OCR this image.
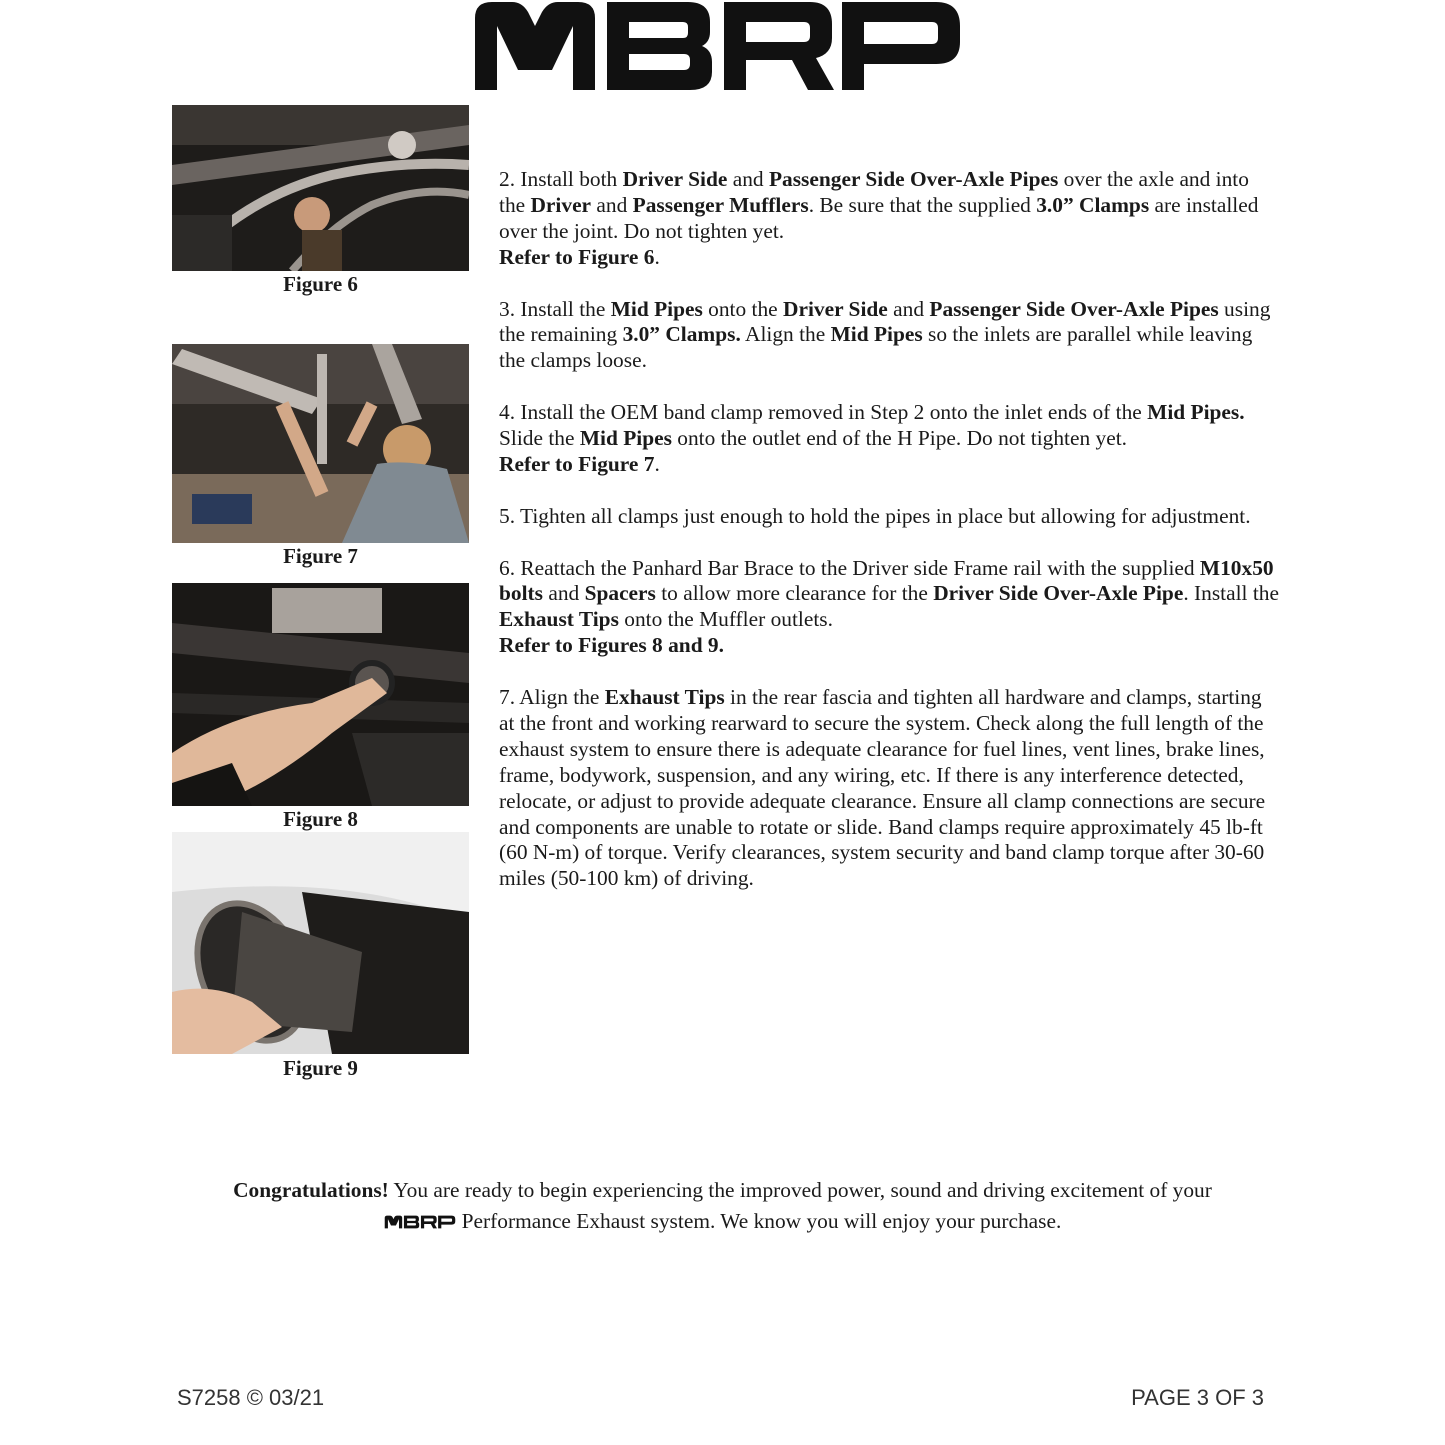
Figure 6
Figure 7
Figure 8
Figure 9

2. Install both Driver Side and Passenger Side Over-Axle Pipes over the axle and into the Driver and Passenger Mufflers. Be sure that the supplied 3.0” Clamps are installed over the joint. Do not tighten yet.
Refer to Figure 6.

3. Install the Mid Pipes onto the Driver Side and Passenger Side Over-Axle Pipes using the remaining 3.0” Clamps. Align the Mid Pipes so the inlets are parallel while leaving the clamps loose.

4. Install the OEM band clamp removed in Step 2 onto the inlet ends of the Mid Pipes. Slide the Mid Pipes onto the outlet end of the H Pipe. Do not tighten yet.
Refer to Figure 7.

5. Tighten all clamps just enough to hold the pipes in place but allowing for adjustment.

6. Reattach the Panhard Bar Brace to the Driver side Frame rail with the supplied M10x50 bolts and Spacers to allow more clearance for the Driver Side Over-Axle Pipe. Install the Exhaust Tips onto the Muffler outlets.
Refer to Figures 8 and 9.

7. Align the Exhaust Tips in the rear fascia and tighten all hardware and clamps, starting at the front and working rearward to secure the system. Check along the full length of the exhaust system to ensure there is adequate clearance for fuel lines, vent lines, brake lines, frame, bodywork, suspension, and any wiring, etc. If there is any interference detected, relocate, or adjust to provide adequate clearance. Ensure all clamp connections are secure and components are unable to rotate or slide. Band clamps require approximately 45 lb-ft (60 N-m) of torque. Verify clearances, system security and band clamp torque after 30-60 miles (50-100 km) of driving.

Congratulations! You are ready to begin experiencing the improved power, sound and driving excitement of your
Performance Exhaust system. We know you will enjoy your purchase.
S7258 © 03/21	PAGE 3 OF 3
